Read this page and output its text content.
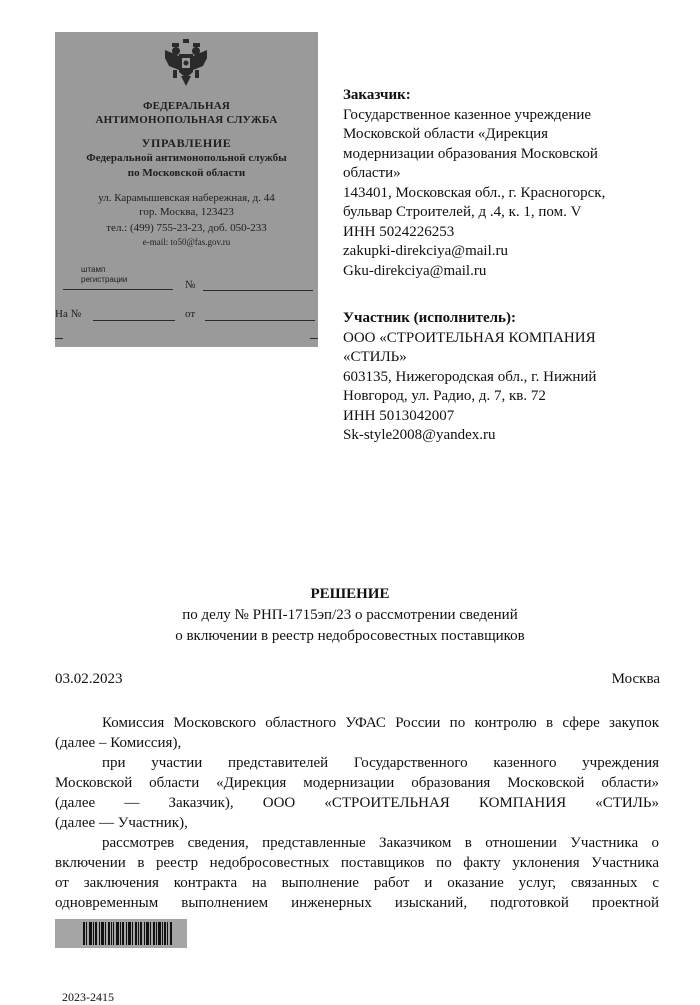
ФЕДЕРАЛЬНАЯ
АНТИМОНОПОЛЬНАЯ СЛУЖБА
УПРАВЛЕНИЕ
Федеральной антимонопольной службы
по Московской области
ул. Карамышевская набережная, д. 44
гор. Москва, 123423
тел.: (499) 755-23-23, доб. 050-233
e-mail: to50@fas.gov.ru
штамп
регистрации	№
На №	от
Заказчик:
Государственное казенное учреждение
Московской области «Дирекция
модернизации образования Московской
области»
143401, Московская обл., г. Красногорск,
бульвар Строителей, д .4, к. 1, пом. V
ИНН 5024226253
zakupki-direkciya@mail.ru
Gku-direkciya@mail.ru
Участник (исполнитель):
ООО «СТРОИТЕЛЬНАЯ КОМПАНИЯ
«СТИЛЬ»
603135, Нижегородская обл., г. Нижний
Новгород, ул. Радио, д. 7, кв. 72
ИНН 5013042007
Sk-style2008@yandex.ru
РЕШЕНИЕ
по делу № РНП-1715эп/23 о рассмотрении сведений
о включении в реестр недобросовестных поставщиков
03.02.2023	Москва
Комиссия Московского областного УФАС России по контролю в сфере закупок
(далее – Комиссия),
при участии представителей Государственного казенного учреждения
Московской области «Дирекция модернизации образования Московской области»
(далее — Заказчик), ООО «СТРОИТЕЛЬНАЯ КОМПАНИЯ «СТИЛЬ»
(далее — Участник),
рассмотрев сведения, представленные Заказчиком в отношении Участника о
включении в реестр недобросовестных поставщиков по факту уклонения Участника
от заключения контракта на выполнение работ и оказание услуг, связанных с
одновременным выполнением инженерных изысканий, подготовкой проектной
2023-2415
